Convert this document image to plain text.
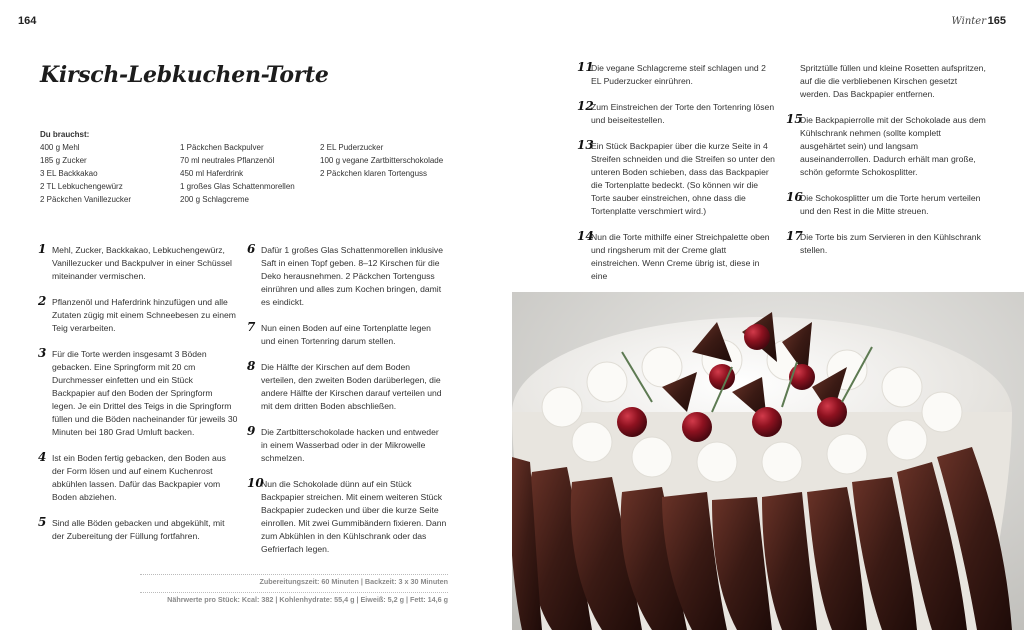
164	Winter 165
Kirsch-Lebkuchen-Torte
Du brauchst:
400 g Mehl
185 g Zucker
3 EL Backkakao
2 TL Lebkuchengewürz
2 Päckchen Vanillezucker
1 Päckchen Backpulver
70 ml neutrales Pflanzenöl
450 ml Haferdrink
1 großes Glas Schattenmorellen
200 g Schlagcreme
2 EL Puderzucker
100 g vegane Zartbitterschokolade
2 Päckchen klaren Tortenguss
1 Mehl, Zucker, Backkakao, Lebkuchengewürz, Vanillezucker und Backpulver in einer Schüssel miteinander vermischen.
2 Pflanzenöl und Haferdrink hinzufügen und alle Zutaten zügig mit einem Schneebesen zu einem Teig verarbeiten.
3 Für die Torte werden insgesamt 3 Böden gebacken. Eine Springform mit 20 cm Durchmesser einfetten und ein Stück Backpapier auf den Boden der Springform legen. Je ein Drittel des Teigs in die Springform füllen und die Böden nacheinander für jeweils 30 Minuten bei 180 Grad Umluft backen.
4 Ist ein Boden fertig gebacken, den Boden aus der Form lösen und auf einem Kuchenrost abkühlen lassen. Dafür das Backpapier vom Boden abziehen.
5 Sind alle Böden gebacken und abgekühlt, mit der Zubereitung der Füllung fortfahren.
6 Dafür 1 großes Glas Schattenmorellen inklusive Saft in einen Topf geben. 8–12 Kirschen für die Deko herausnehmen. 2 Päckchen Tortenguss einrühren und alles zum Kochen bringen, damit es eindickt.
7 Nun einen Boden auf eine Tortenplatte legen und einen Tortenring darum stellen.
8 Die Hälfte der Kirschen auf dem Boden verteilen, den zweiten Boden darüberlegen, die andere Hälfte der Kirschen darauf verteilen und mit dem dritten Boden abschließen.
9 Die Zartbitterschokolade hacken und entweder in einem Wasserbad oder in der Mikrowelle schmelzen.
10
Nun die Schokolade dünn auf ein Stück Backpapier streichen. Mit einem weiteren Stück Backpapier zudecken und über die kurze Seite einrollen. Mit zwei Gummibändern fixieren. Dann zum Abkühlen in den Kühlschrank oder das Gefrierfach legen.
Zubereitungszeit: 60 Minuten | Backzeit: 3 x 30 Minuten
Nährwerte pro Stück: Kcal: 382 | Kohlenhydrate: 55,4 g | Eiweiß: 5,2 g | Fett: 14,6 g
11
Die vegane Schlagcreme steif schlagen und 2 EL Puderzucker einrühren.
12
Zum Einstreichen der Torte den Tortenring lösen und beiseitestellen.
13
Ein Stück Backpapier über die kurze Seite in 4 Streifen schneiden und die Streifen so unter den unteren Boden schieben, dass das Backpapier die Tortenplatte bedeckt. (So können wir die Torte sauber einstreichen, ohne dass die Tortenplatte verschmiert wird.)
14
Nun die Torte mithilfe einer Streichpalette oben und ringsherum mit der Creme glatt einstreichen. Wenn Creme übrig ist, diese in eine
Spritztülle füllen und kleine Rosetten aufspritzen, auf die die verbliebenen Kirschen gesetzt werden. Das Backpapier entfernen.
15
Die Backpapierrolle mit der Schokolade aus dem Kühlschrank nehmen (sollte komplett ausgehärtet sein) und langsam auseinanderrollen. Dadurch erhält man große, schön geformte Schokosplitter.
16
Die Schokosplitter um die Torte herum verteilen und den Rest in die Mitte streuen.
17
Die Torte bis zum Servieren in den Kühlschrank stellen.
